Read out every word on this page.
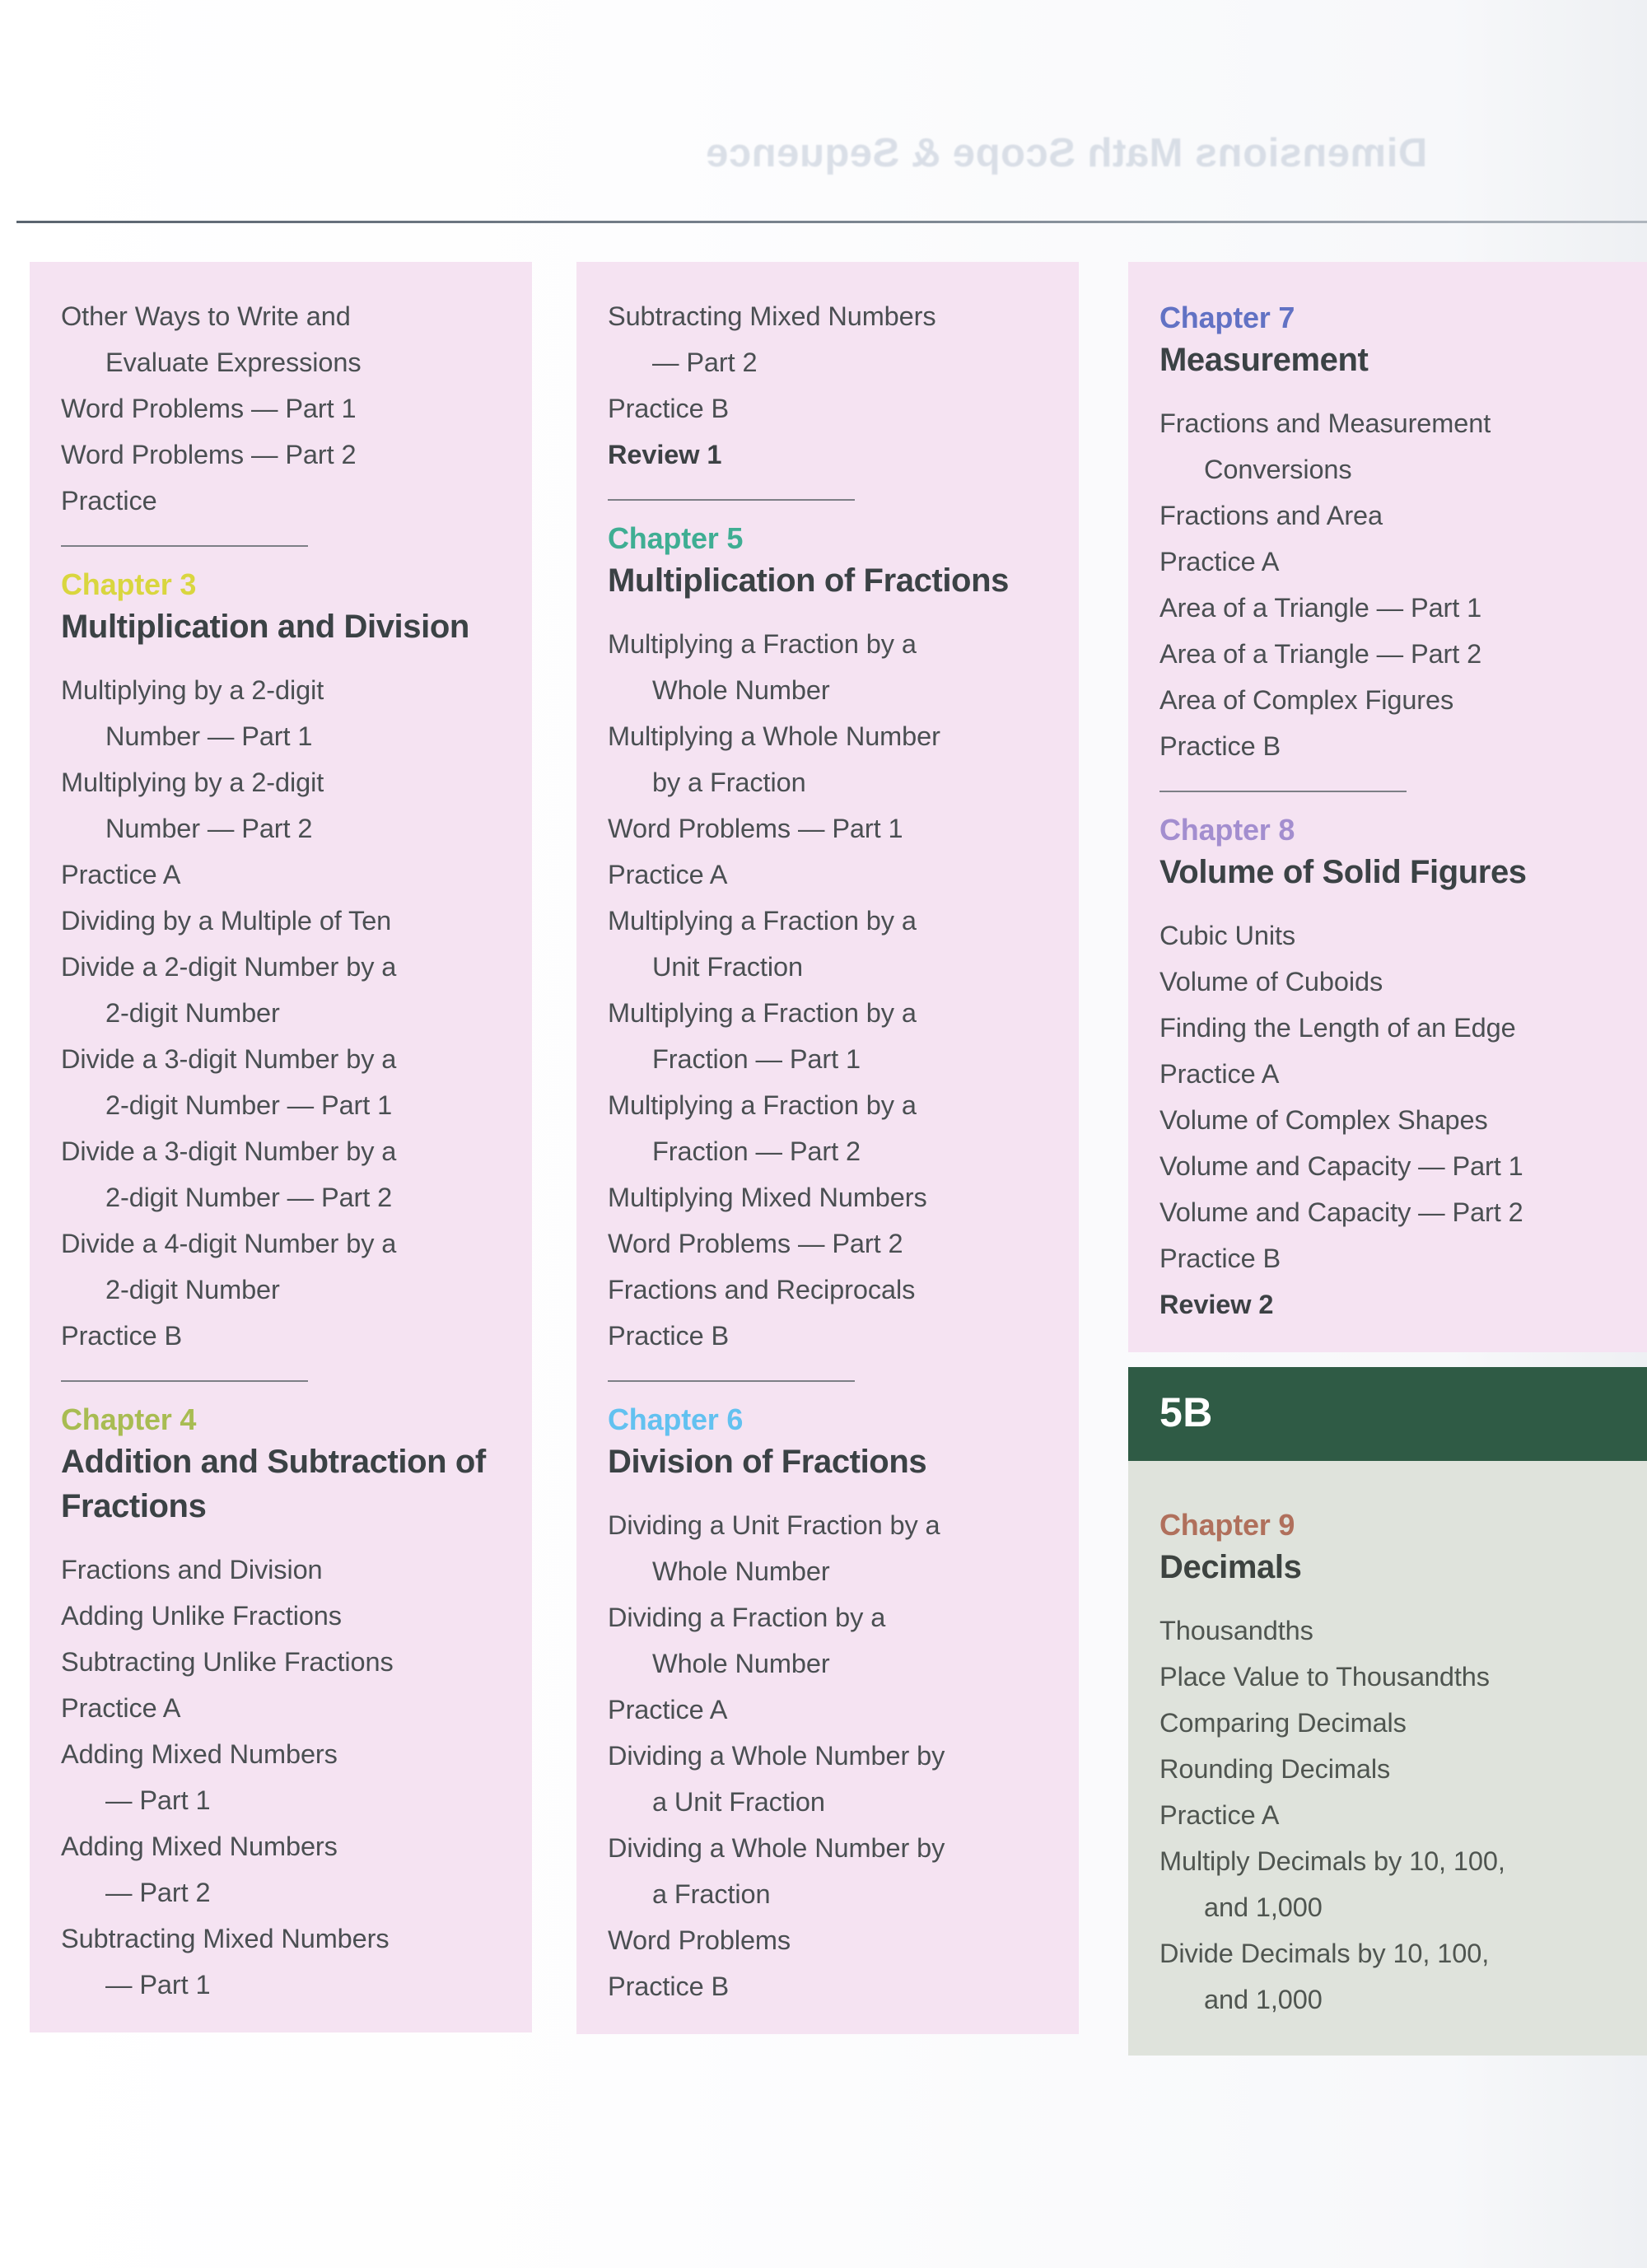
Dimensions Math Scope & Sequence
Other Ways to Write and
Evaluate Expressions
Word Problems — Part 1
Word Problems — Part 2
Practice
Chapter 3
Multiplication and Division
Multiplying by a 2-digit
Number — Part 1
Multiplying by a 2-digit
Number — Part 2
Practice A
Dividing by a Multiple of Ten
Divide a 2-digit Number by a
2-digit Number
Divide a 3-digit Number by a
2-digit Number — Part 1
Divide a 3-digit Number by a
2-digit Number — Part 2
Divide a 4-digit Number by a
2-digit Number
Practice B
Chapter 4
Addition and Subtraction of Fractions
Fractions and Division
Adding Unlike Fractions
Subtracting Unlike Fractions
Practice A
Adding Mixed Numbers
— Part 1
Adding Mixed Numbers
— Part 2
Subtracting Mixed Numbers
— Part 1
Subtracting Mixed Numbers
— Part 2
Practice B
Review 1
Chapter 5
Multiplication of Fractions
Multiplying a Fraction by a
Whole Number
Multiplying a Whole Number
by a Fraction
Word Problems — Part 1
Practice A
Multiplying a Fraction by a
Unit Fraction
Multiplying a Fraction by a
Fraction — Part 1
Multiplying a Fraction by a
Fraction — Part 2
Multiplying Mixed Numbers
Word Problems — Part 2
Fractions and Reciprocals
Practice B
Chapter 6
Division of Fractions
Dividing a Unit Fraction by a
Whole Number
Dividing a Fraction by a
Whole Number
Practice A
Dividing a Whole Number by
a Unit Fraction
Dividing a Whole Number by
a Fraction
Word Problems
Practice B
Chapter 7
Measurement
Fractions and Measurement
Conversions
Fractions and Area
Practice A
Area of a Triangle — Part 1
Area of a Triangle — Part 2
Area of Complex Figures
Practice B
Chapter 8
Volume of Solid Figures
Cubic Units
Volume of Cuboids
Finding the Length of an Edge
Practice A
Volume of Complex Shapes
Volume and Capacity — Part 1
Volume and Capacity — Part 2
Practice B
Review 2
5B
Chapter 9
Decimals
Thousandths
Place Value to Thousandths
Comparing Decimals
Rounding Decimals
Practice A
Multiply Decimals by 10, 100,
and 1,000
Divide Decimals by 10, 100,
and 1,000
